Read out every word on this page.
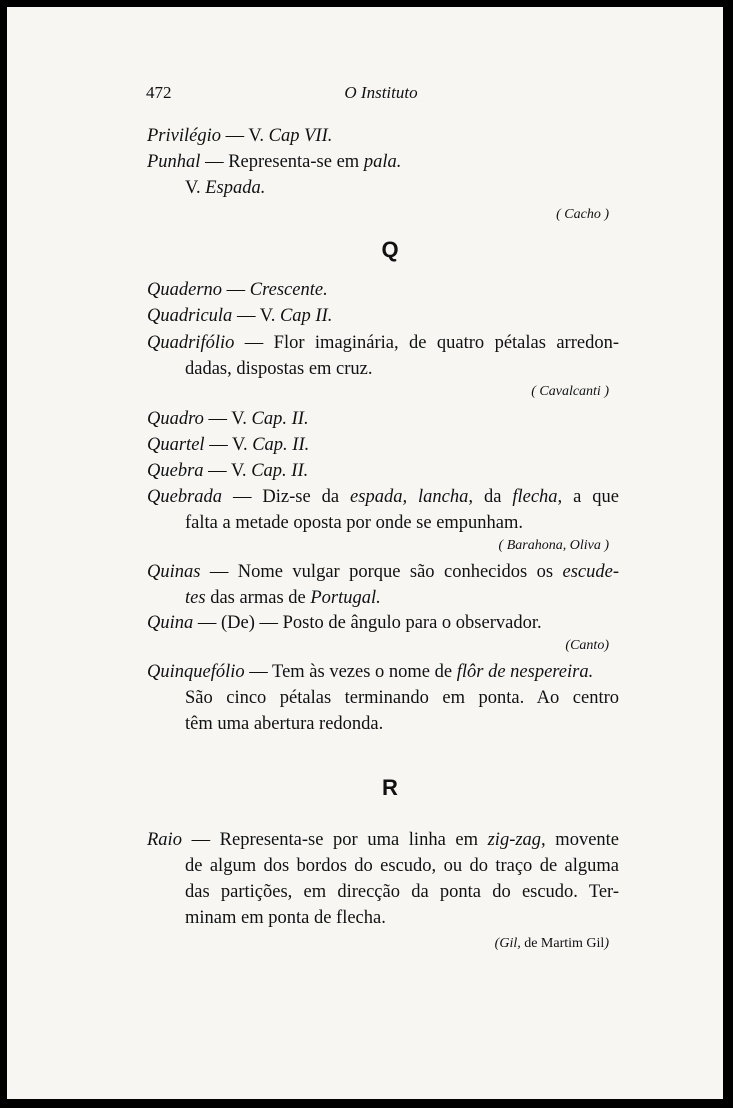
472	O Instituto
Privilégio — V. Cap VII.
Punhal — Representa-se em pala.
V. Espada.
( Cacho )
Q
Quaderno — Crescente.
Quadricula — V. Cap II.
Quadrifólio — Flor imaginária, de quatro pétalas arredon-
dadas, dispostas em cruz.
( Cavalcanti )
Quadro — V. Cap. II.
Quartel — V. Cap. II.
Quebra — V. Cap. II.
Quebrada — Diz-se da espada, lancha, da flecha, a que
falta a metade oposta por onde se empunham.
( Barahona, Oliva )
Quinas — Nome vulgar porque são conhecidos os escude-
tes das armas de Portugal.
Quina — (De) — Posto de ângulo para o observador.
(Canto)
Quinquefólio — Tem às vezes o nome de flôr de nespereira.
São cinco pétalas terminando em ponta. Ao centro
têm uma abertura redonda.
R
Raio — Representa-se por uma linha em zig-zag, movente
de algum dos bordos do escudo, ou do traço de alguma
das partições, em direcção da ponta do escudo. Ter-
minam em ponta de flecha.
(Gil, de Martim Gil)
